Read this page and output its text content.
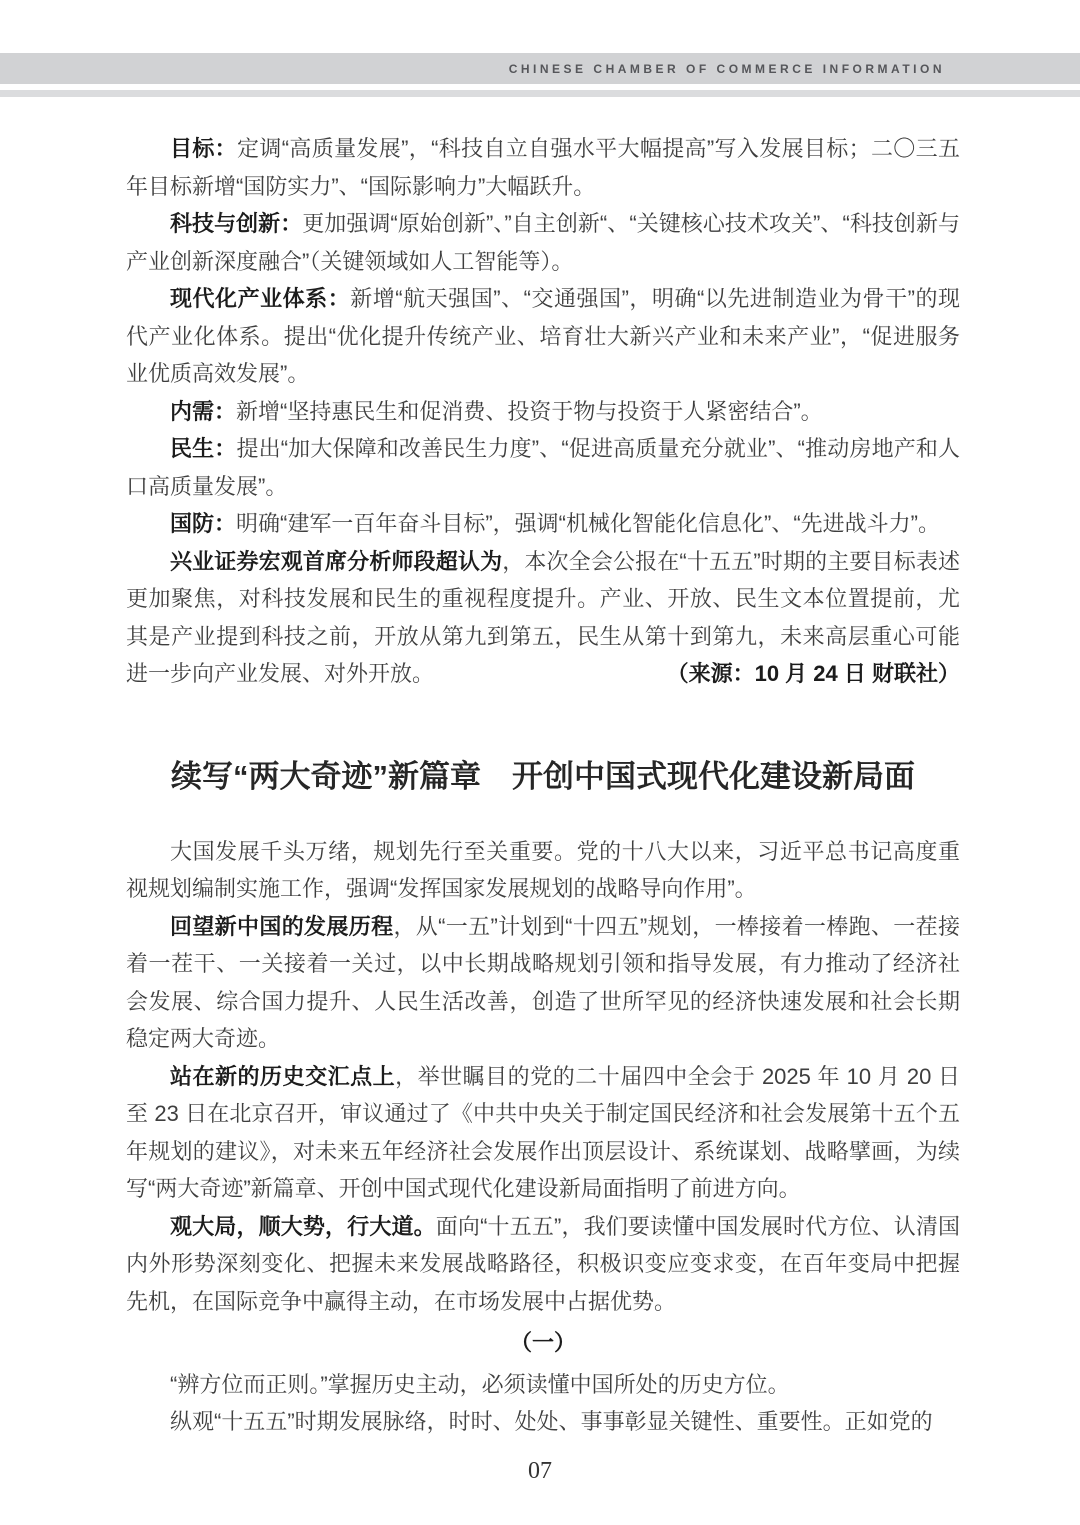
CHINESE CHAMBER OF COMMERCE INFORMATION

目标：定调“高质量发展”，“科技自立自强水平大幅提高”写入发展目标；二〇三五年目标新增“国防实力”、“国际影响力”大幅跃升。

科技与创新：更加强调“原始创新”、”自主创新“、“关键核心技术攻关”、“科技创新与产业创新深度融合”（关键领域如人工智能等）。

现代化产业体系：新增“航天强国”、“交通强国”，明确“以先进制造业为骨干”的现代产业化体系。提出“优化提升传统产业、培育壮大新兴产业和未来产业”，“促进服务业优质高效发展”。

内需：新增“坚持惠民生和促消费、投资于物与投资于人紧密结合”。

民生：提出“加大保障和改善民生力度”、“促进高质量充分就业”、“推动房地产和人口高质量发展”。

国防：明确“建军一百年奋斗目标”，强调“机械化智能化信息化”、“先进战斗力”。

兴业证券宏观首席分析师段超认为，本次全会公报在“十五五”时期的主要目标表述更加聚焦，对科技发展和民生的重视程度提升。产业、开放、民生文本位置提前，尤其是产业提到科技之前，开放从第九到第五，民生从第十到第九，未来高层重心可能进一步向产业发展、对外开放。	（来源：10 月 24 日 财联社）

续写“两大奇迹”新篇章　开创中国式现代化建设新局面

大国发展千头万绪，规划先行至关重要。党的十八大以来，习近平总书记高度重视规划编制实施工作，强调“发挥国家发展规划的战略导向作用”。

回望新中国的发展历程，从“一五”计划到“十四五”规划，一棒接着一棒跑、一茬接着一茬干、一关接着一关过，以中长期战略规划引领和指导发展，有力推动了经济社会发展、综合国力提升、人民生活改善，创造了世所罕见的经济快速发展和社会长期稳定两大奇迹。

站在新的历史交汇点上，举世瞩目的党的二十届四中全会于 2025 年 10 月 20 日至 23 日在北京召开，审议通过了《中共中央关于制定国民经济和社会发展第十五个五年规划的建议》，对未来五年经济社会发展作出顶层设计、系统谋划、战略擘画，为续写“两大奇迹”新篇章、开创中国式现代化建设新局面指明了前进方向。

观大局，顺大势，行大道。面向“十五五”，我们要读懂中国发展时代方位、认清国内外形势深刻变化、把握未来发展战略路径，积极识变应变求变，在百年变局中把握先机，在国际竞争中赢得主动，在市场发展中占据优势。

（一）

“辨方位而正则。”掌握历史主动，必须读懂中国所处的历史方位。

纵观“十五五”时期发展脉络，时时、处处、事事彰显关键性、重要性。正如党的

07
